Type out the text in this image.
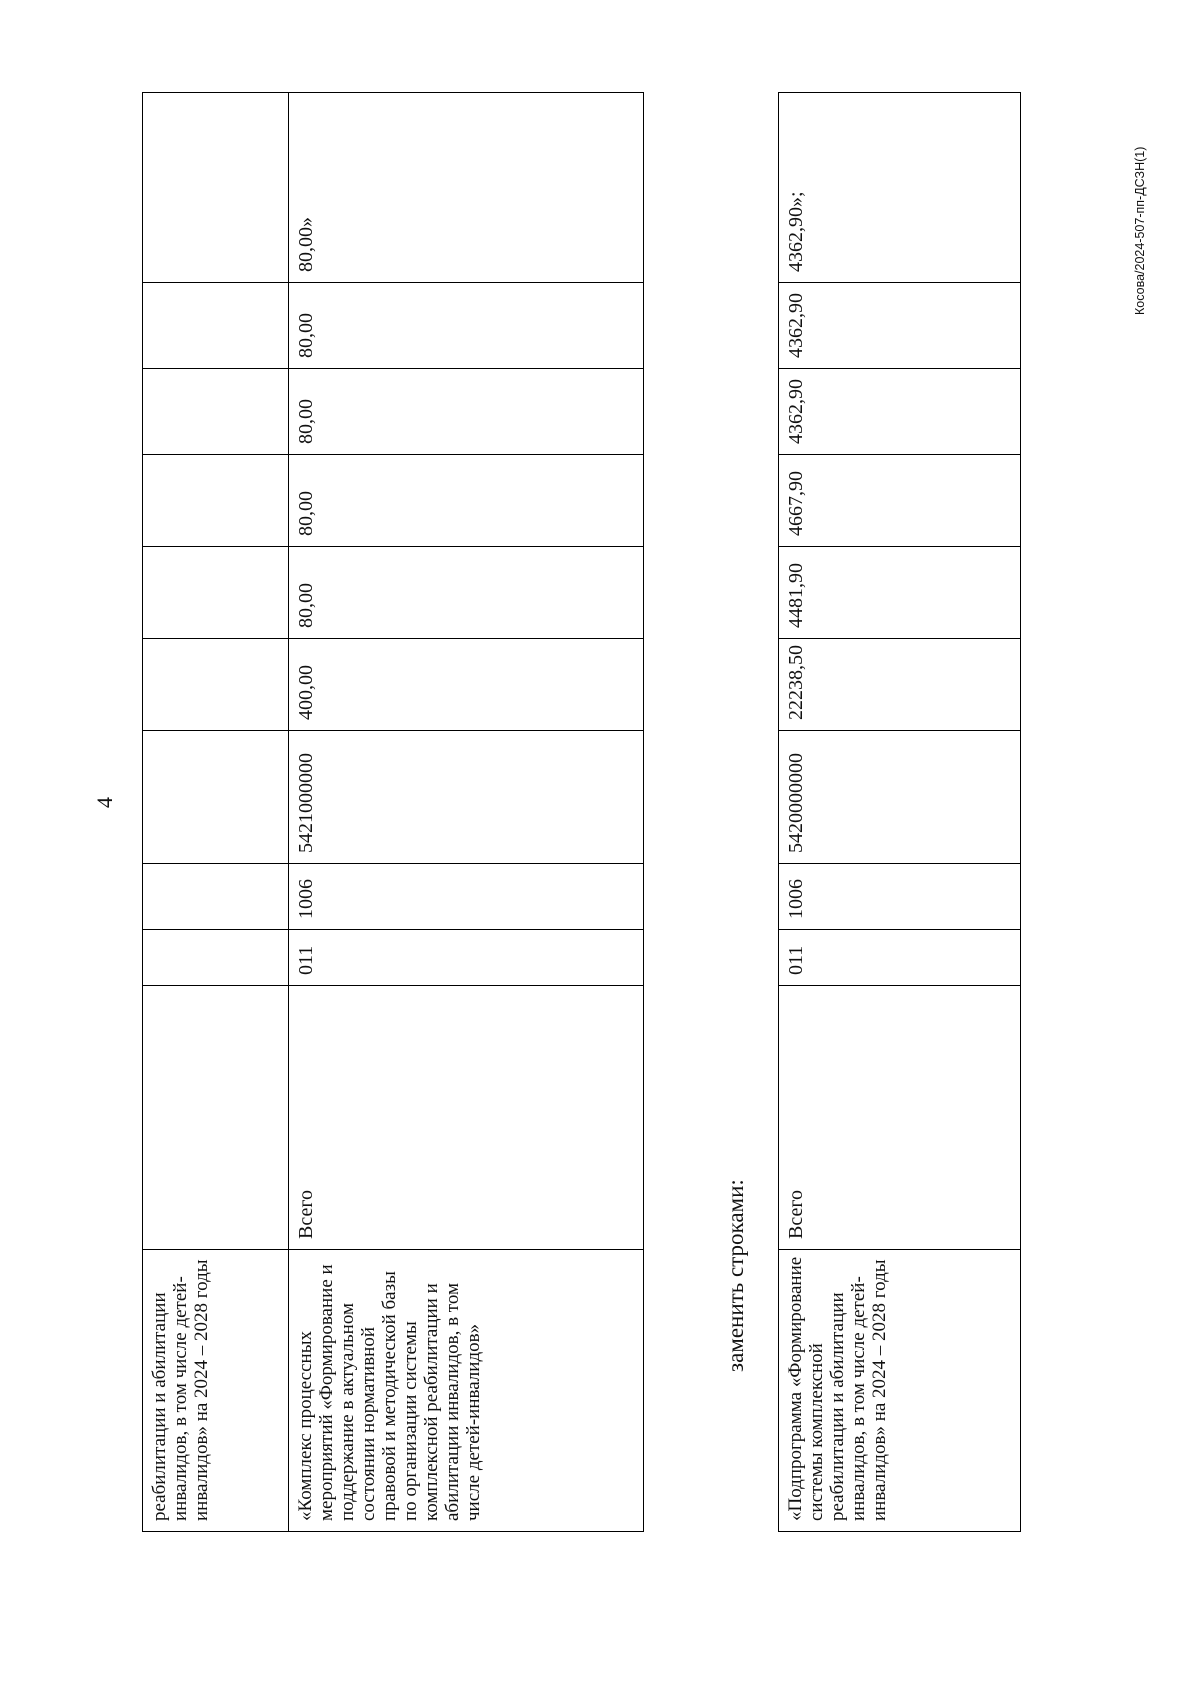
4
Косова/2024-507-пп-ДСЗН(1)
заменить строками:
реабилитации и абилитации инвалидов, в том числе детей-инвалидов» на 2024 – 2028 годы										
«Комплекс процессных мероприятий «Формирование и поддержание в актуальном состоянии нормативной правовой и методической базы по организации системы комплексной реабилитации и абилитации инвалидов, в том числе детей-инвалидов»	Всего	011	1006	5421000000	400,00	80,00	80,00	80,00	80,00	80,00»
«Подпрограмма «Формирование системы комплексной реабилитации и абилитации инвалидов, в том числе детей-инвалидов» на 2024 – 2028 годы	Всего	011	1006	5420000000	22238,50	4481,90	4667,90	4362,90	4362,90	4362,90»;
